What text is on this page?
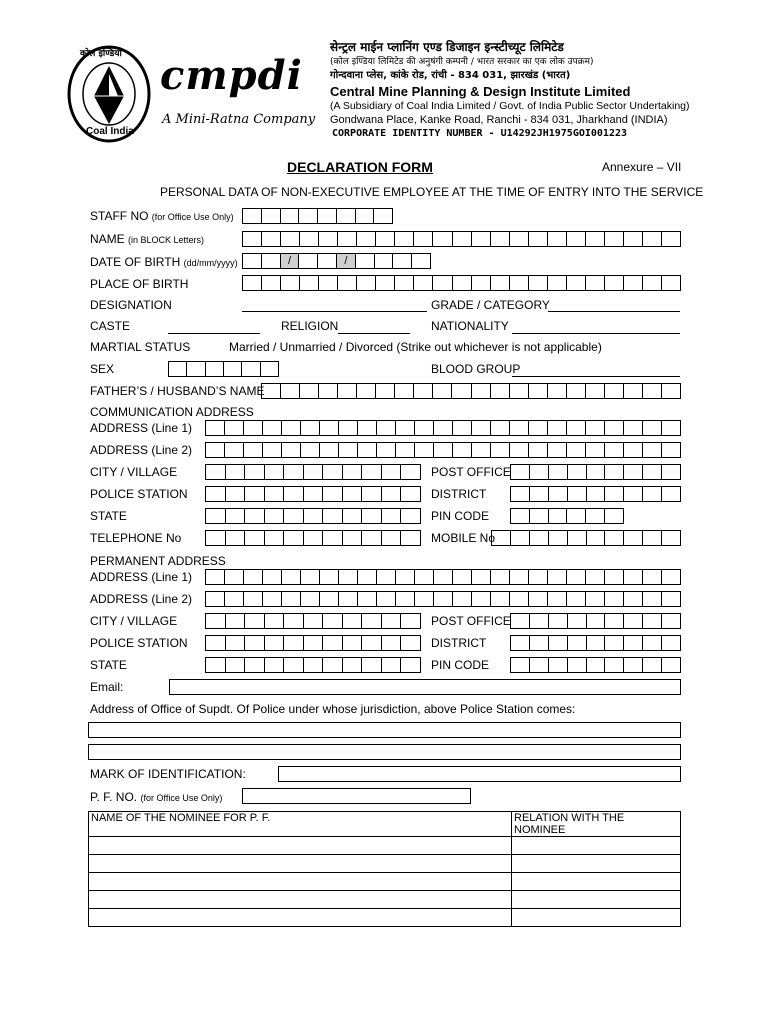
कोल इण्डिया
Coal India
cmpdi
A Mini-Ratna Company
सेन्ट्रल माईन प्लानिंग एण्ड डिजाइन इन्स्टीच्यूट लिमिटेड
(कोल इण्डिया लिमिटेड की अनुषंगी कम्पनी / भारत सरकार का एक लोक उपक्रम)
गोन्दवाना प्लेस, कांके रोड, रांची - 834 031, झारखंड (भारत)
Central Mine Planning & Design Institute Limited
(A Subsidiary of Coal India Limited / Govt. of India Public Sector Undertaking)
Gondwana Place, Kanke Road, Ranchi - 834 031, Jharkhand (INDIA)
CORPORATE IDENTITY NUMBER - U14292JH1975GOI001223
DECLARATION FORM	Annexure – VII
PERSONAL DATA OF NON-EXECUTIVE EMPLOYEE AT THE TIME OF ENTRY INTO THE SERVICE
STAFF NO (for Office Use Only)
NAME (in BLOCK Letters)
DATE OF BIRTH (dd/mm/yyyy)
/
/
PLACE OF BIRTH
DESIGNATION	GRADE / CATEGORY
CASTE	RELIGION	NATIONALITY
MARTIAL STATUS	Married / Unmarried / Divorced (Strike out whichever is not applicable)
SEX	BLOOD GROUP
FATHER’S / HUSBAND’S NAME
COMMUNICATION ADDRESS
ADDRESS (Line 1)
ADDRESS (Line 2)
CITY / VILLAGE	POST OFFICE
POLICE STATION	DISTRICT
STATE	PIN CODE
TELEPHONE No	MOBILE No
PERMANENT ADDRESS
ADDRESS (Line 1)
ADDRESS (Line 2)
CITY / VILLAGE	POST OFFICE
POLICE STATION	DISTRICT
STATE	PIN CODE
Email:
Address of Office of Supdt. Of Police under whose jurisdiction, above Police Station comes:
MARK OF IDENTIFICATION:
P. F. NO. (for Office Use Only)
NAME OF THE NOMINEE FOR P. F.	RELATION WITH THE NOMINEE
